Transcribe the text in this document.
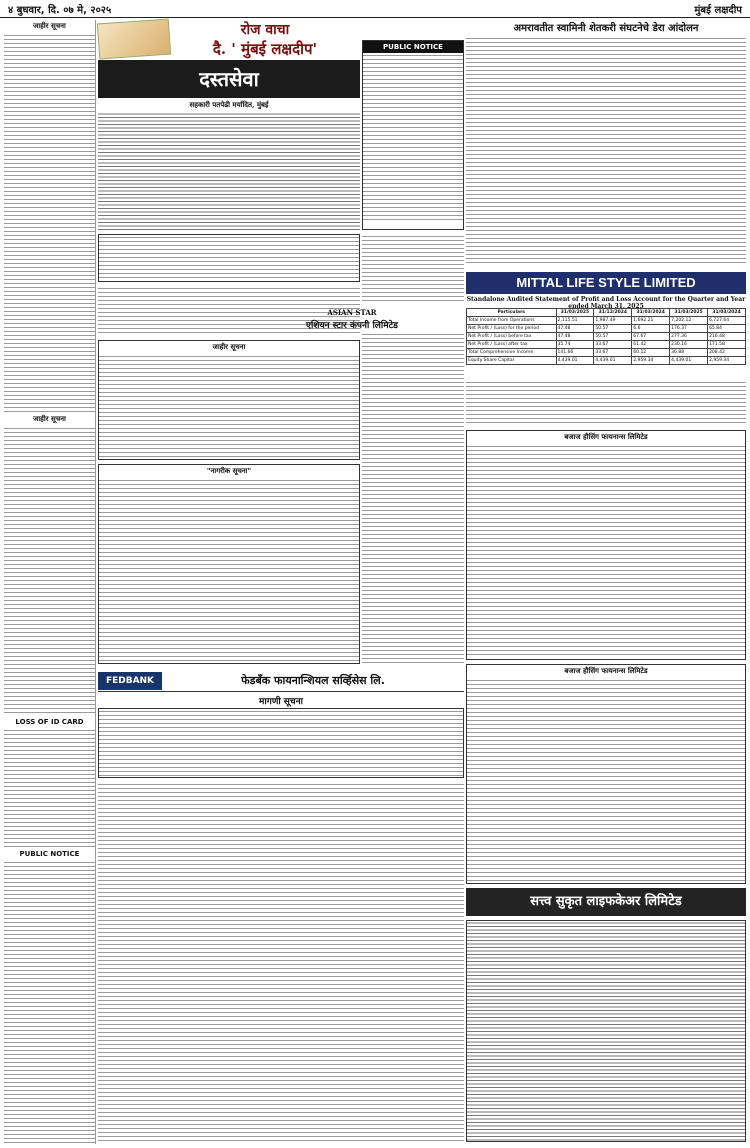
४ बुधवार, दि. ०७ मे, २०२५	मुंबई लक्षदीप
जाहीर सूचना
जाहीर सूचना
LOSS OF ID CARD
PUBLIC NOTICE
रोज वाचा
दै. ' मुंबई लक्षदीप'
दस्तसेवा
सहकारी पतपेढी मर्यादित, मुंबई
जाहीर सूचना
"नागरीक सूचना"
PUBLIC NOTICE
ASIAN STAR
एशियन स्टार कंपनी लिमिटेड
अमरावतीत स्वामिनी शेतकरी संघटनेचे डेरा आंदोलन
MITTAL LIFE STYLE LIMITED
Standalone Audited Statement of Profit and Loss Account for the Quarter and Year ended March 31, 2025
Particulars	31/03/2025	31/12/2024	31/03/2024	31/03/2025	31/03/2024
Total Income from Operations	2,115.51	1,987.49	1,692.21	7,202.12	6,727.64
Net Profit / (Loss) for the period	47.48	50.57	6.6	176.37	65.84
Net Profit / (Loss) before tax	47.48	50.57	67.67	277.36	216.48
Net Profit / (Loss) after tax	35.74	33.67	61.42	230.16	171.58
Total Comprehensive Income	141.66	33.67	60.12	36.88	208.42
Equity Share Capital	4,439.01	4,439.01	2,959.34	4,439.01	2,959.34
बजाज हौसिंग फायनान्स लिमिटेड
बजाज हौसिंग फायनान्स लिमिटेड
FEDBANK	फेडबँक फायनान्शियल सर्व्हिसेस लि.
मागणी सूचना
सत्त्व सुकृत लाइफकेअर लिमिटेड
